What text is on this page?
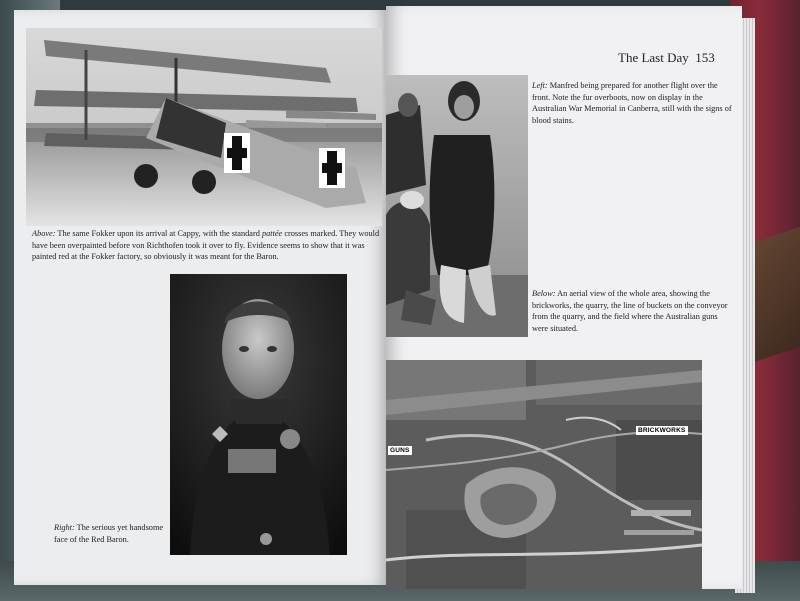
Above: The same Fokker upon its arrival at Cappy, with the standard pattée crosses marked. They would have been overpainted before von Richthofen took it over to fly. Evidence seems to show that it was painted red at the Fokker factory, so obviously it was meant for the Baron.
Right: The serious yet handsome face of the Red Baron.
The Last Day 153
Left: Manfred being prepared for another flight over the front. Note the fur overboots, now on display in the Australian War Memorial in Canberra, still with the signs of blood stains.
Below: An aerial view of the whole area, showing the brickworks, the quarry, the line of buckets on the conveyor from the quarry, and the field where the Australian guns were situated.
GUNS
BRICKWORKS
